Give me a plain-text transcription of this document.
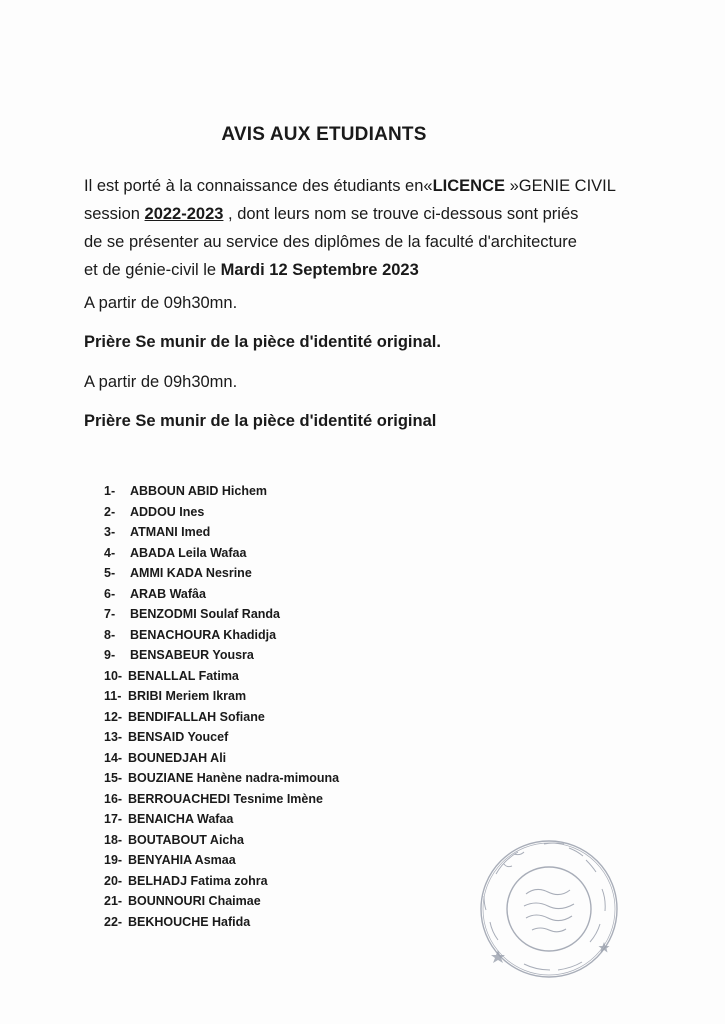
AVIS AUX ETUDIANTS
Il est porté à la connaissance des étudiants en«LICENCE »GENIE CIVIL
session 2022-2023 , dont leurs nom se trouve ci-dessous sont priés
de se présenter au service des diplômes de la faculté d'architecture
et de génie-civil le Mardi 12 Septembre 2023
A partir de 09h30mn.
Prière Se munir de la pièce d'identité original.
A partir de 09h30mn.
Prière Se munir de la pièce d'identité original
1- ABBOUN ABID Hichem
2- ADDOU Ines
3- ATMANI Imed
4- ABADA Leila Wafaa
5- AMMI KADA Nesrine
6- ARAB Wafâa
7- BENZODMI Soulaf Randa
8- BENACHOURA Khadidja
9- BENSABEUR Yousra
10- BENALLAL Fatima
11- BRIBI Meriem Ikram
12- BENDIFALLAH Sofiane
13- BENSAID Youcef
14- BOUNEDJAH Ali
15- BOUZIANE Hanène nadra-mimouna
16- BERROUACHEDI Tesnime Imène
17- BENAICHA Wafaa
18- BOUTABOUT Aicha
19- BENYAHIA Asmaa
20- BELHADJ Fatima zohra
21- BOUNNOURI Chaimae
22- BEKHOUCHE Hafida
